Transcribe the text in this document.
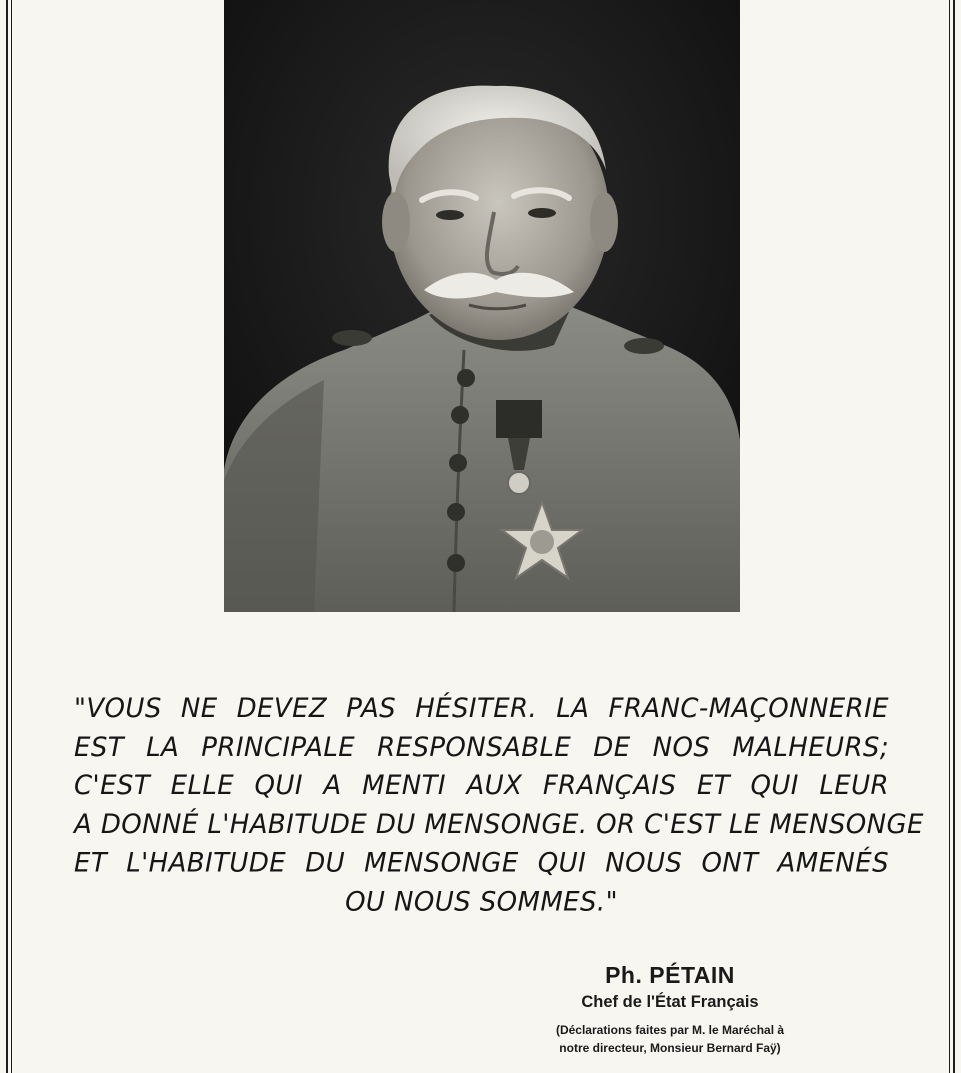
"VOUS NE DEVEZ PAS HÉSITER. LA FRANC-MAÇONNERIE
EST LA PRINCIPALE RESPONSABLE DE NOS MALHEURS;
C'EST ELLE QUI A MENTI AUX FRANÇAIS ET QUI LEUR
A DONNÉ L'HABITUDE DU MENSONGE. OR C'EST LE MENSONGE
ET L'HABITUDE DU MENSONGE QUI NOUS ONT AMENÉS
OU NOUS SOMMES."
Ph. PÉTAIN
Chef de l'État Français
(Déclarations faites par M. le Maréchal à
notre directeur, Monsieur Bernard Faÿ)
